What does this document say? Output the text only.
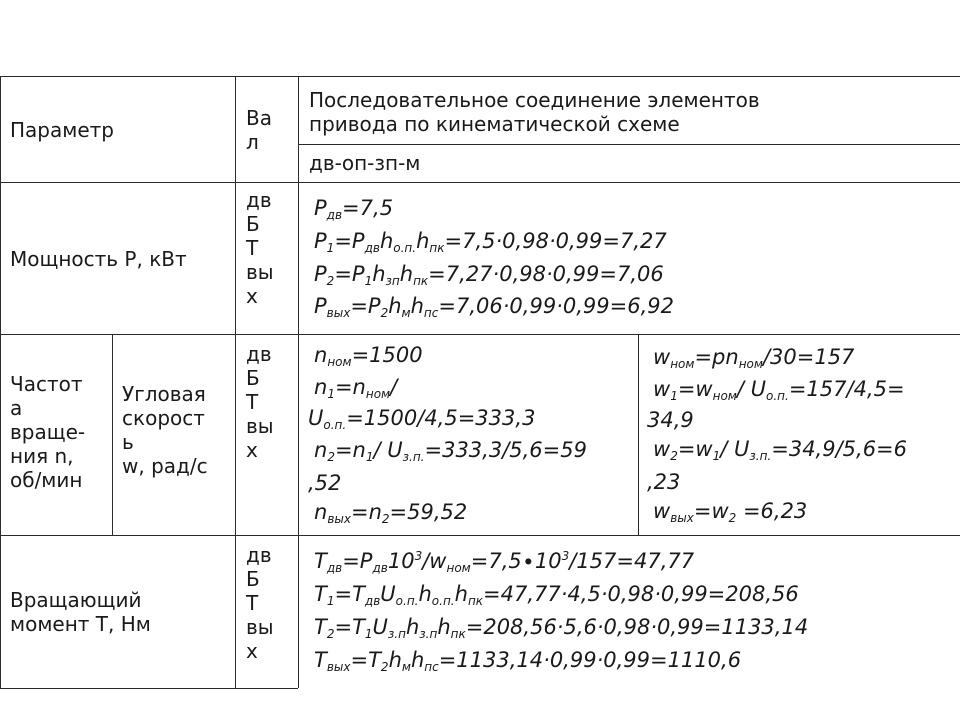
Параметр	Ва
л
Последовательное соединение элементов
привода по кинематической схеме
дв-оп-зп-м
Мощность P, кВт
дв
Б
Т
вы
х
$P_{дв}=7,5$
$P_1=P_{дв}h_{о.п.}h_{пк}=7,5\cdot 0,98\cdot 0,99=7,27$
$P_2=P_1h_{зп}h_{пк}=7,27\cdot 0,98\cdot 0,99=7,06$
$P_{вых}=P_2h_мh_{пс}=7,06\cdot 0,99\cdot 0,99=6,92$
Частот
а
враще-
ния n,
об/мин
Угловая
скорост
ь
w, рад/с
дв
Б
Т
вы
х
$n_{ном}=1500$
$n_1=n_{ном}/$
$U_{о.п.}=1500/4,5=333,3$
$n_2=n_1/$ $U_{з.п.}=333,3/5,6=59$
,52
$n_{вых}=n_2=59,52$
$w_{ном}=pn_{ном}/30=157$
$w_1=w_{ном}/$ $U_{о.п.}=157/4,5=$
34,9
$w_2=w_1/$ $U_{з.п.}=34,9/5,6=6$
,23
$w_{вых}=w_2 =6,23$
Вращающий
момент T, Нм
дв
Б
Т
вы
х
$T_{дв}=P_{дв}10^3/w_{ном}=7,5\cdot 10^3/157=47,77$
$T_1=T_{дв}U_{о.п.}h_{о.п.}h_{пк}=47,77\cdot 4,5\cdot 0,98\cdot 0,99=208,56$
$T_2=T_1U_{з.п}h_{з.п}h_{пк}=208,56\cdot 5,6\cdot 0,98\cdot 0,99=1133,14$
$T_{вых}=T_2h_мh_{пс}=1133,14\cdot 0,99\cdot 0,99=1110,6$
